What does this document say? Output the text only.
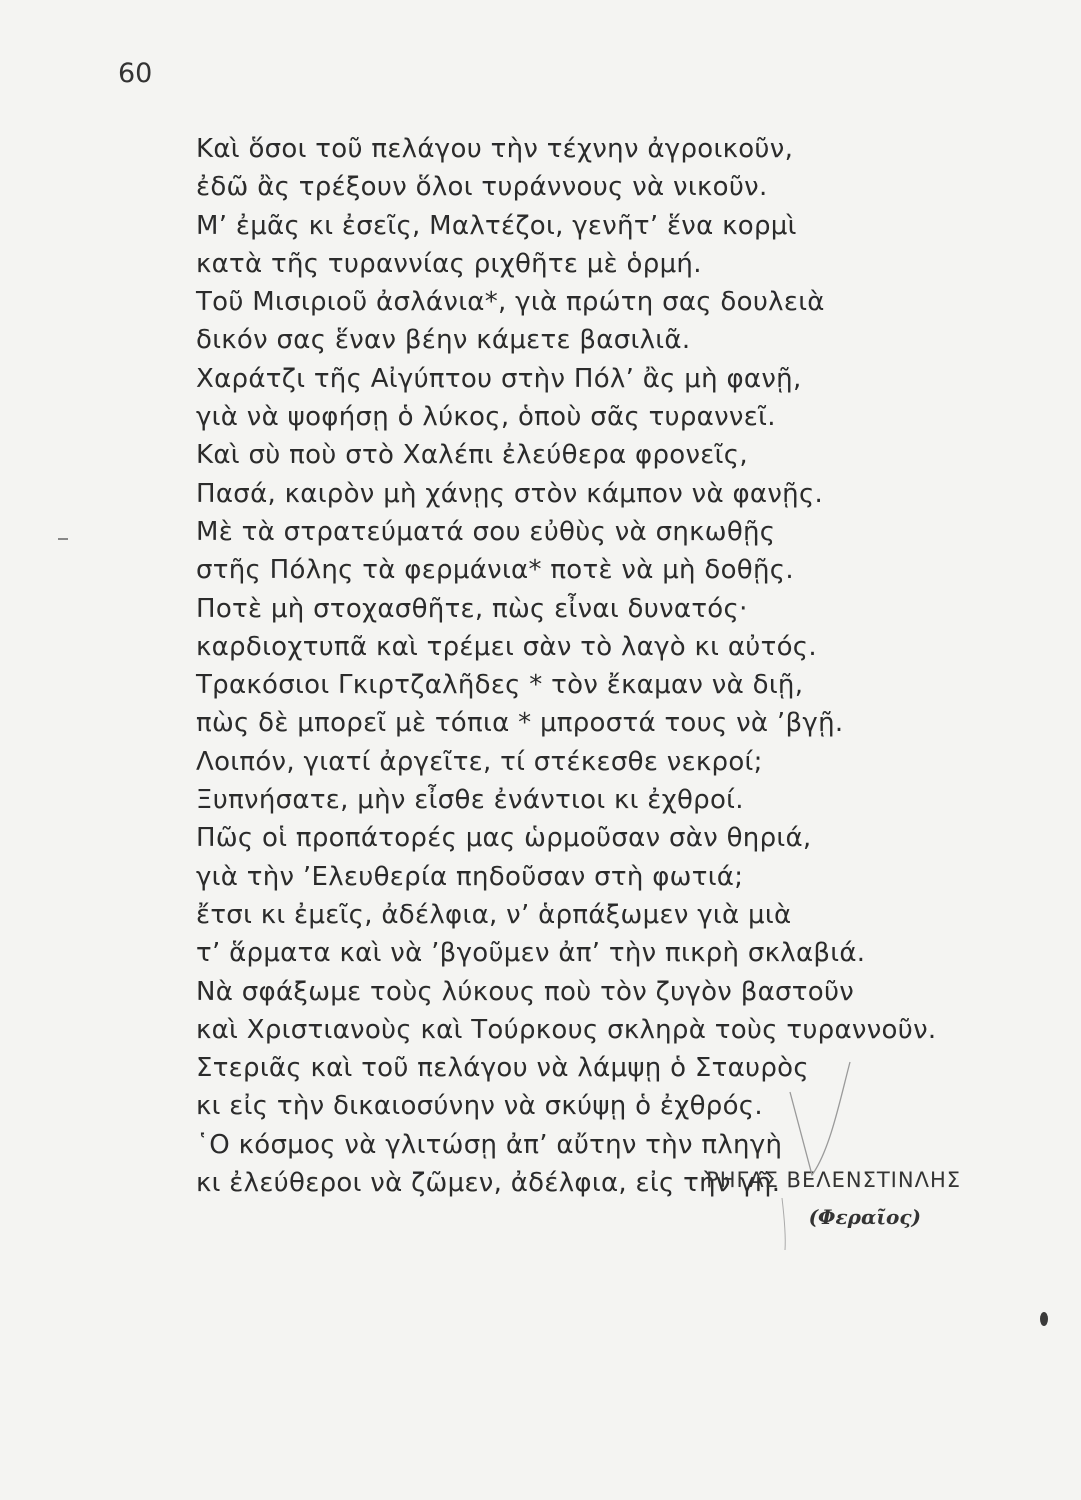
60
Καὶ ὅσοι τοῦ πελάγου τὴν τέχνην ἀγροικοῦν,
ἐδῶ ἂς τρέξουν ὅλοι τυράννους νὰ νικοῦν.
Μ’ ἐμᾶς κι ἐσεῖς, Μαλτέζοι, γενῆτ’ ἕνα κορμὶ
κατὰ τῆς τυραννίας ριχθῆτε μὲ ὁρμή.
Τοῦ Μισιριοῦ ἀσλάνια*, γιὰ πρώτη σας δουλειὰ
δικόν σας ἕναν βέην κάμετε βασιλιᾶ.
Χαράτζι τῆς Αἰγύπτου στὴν Πόλ’ ἂς μὴ φανῇ,
γιὰ νὰ ψοφήσῃ ὁ λύκος, ὁποὺ σᾶς τυραννεῖ.
Καὶ σὺ ποὺ στὸ Χαλέπι ἐλεύθερα φρονεῖς,
Πασά, καιρὸν μὴ χάνῃς στὸν κάμπον νὰ φανῇς.
Μὲ τὰ στρατεύματά σου εὐθὺς νὰ σηκωθῇς
στῆς Πόλης τὰ φερμάνια* ποτὲ νὰ μὴ δοθῇς.
Ποτὲ μὴ στοχασθῆτε, πὼς εἶναι δυνατός·
καρδιοχτυπᾶ καὶ τρέμει σὰν τὸ λαγὸ κι αὐτός.
Τρακόσιοι Γκιρτζαλῆδες * τὸν ἔκαμαν νὰ διῇ,
πὼς δὲ μπορεῖ μὲ τόπια * μπροστά τους νὰ ’βγῇ.
Λοιπόν, γιατί ἀργεῖτε, τί στέκεσθε νεκροί;
Ξυπνήσατε, μὴν εἶσθε ἐνάντιοι κι ἐχθροί.
Πῶς οἱ προπάτορές μας ὡρμοῦσαν σὰν θηριά,
γιὰ τὴν ’Ελευθερία πηδοῦσαν στὴ φωτιά;
ἔτσι κι ἐμεῖς, ἀδέλφια, ν’ ἁρπάξωμεν γιὰ μιὰ
τ’ ἅρματα καὶ νὰ ’βγοῦμεν ἀπ’ τὴν πικρὴ σκλαβιά.
Νὰ σφάξωμε τοὺς λύκους ποὺ τὸν ζυγὸν βαστοῦν
καὶ Χριστιανοὺς καὶ Τούρκους σκληρὰ τοὺς τυραννοῦν.
Στεριᾶς καὶ τοῦ πελάγου νὰ λάμψῃ ὁ Σταυρὸς
κι εἰς τὴν δικαιοσύνην νὰ σκύψῃ ὁ ἐχθρός.
῾Ο κόσμος νὰ γλιτώσῃ ἀπ’ αὔτην τὴν πληγὴ
κι ἐλεύθεροι νὰ ζῶμεν, ἀδέλφια, εἰς τὴν γῆ.
ΡΗΓΑΣ ΒΕΛΕΝΣΤΙΝΛΗΣ
(Φεραῖος)
